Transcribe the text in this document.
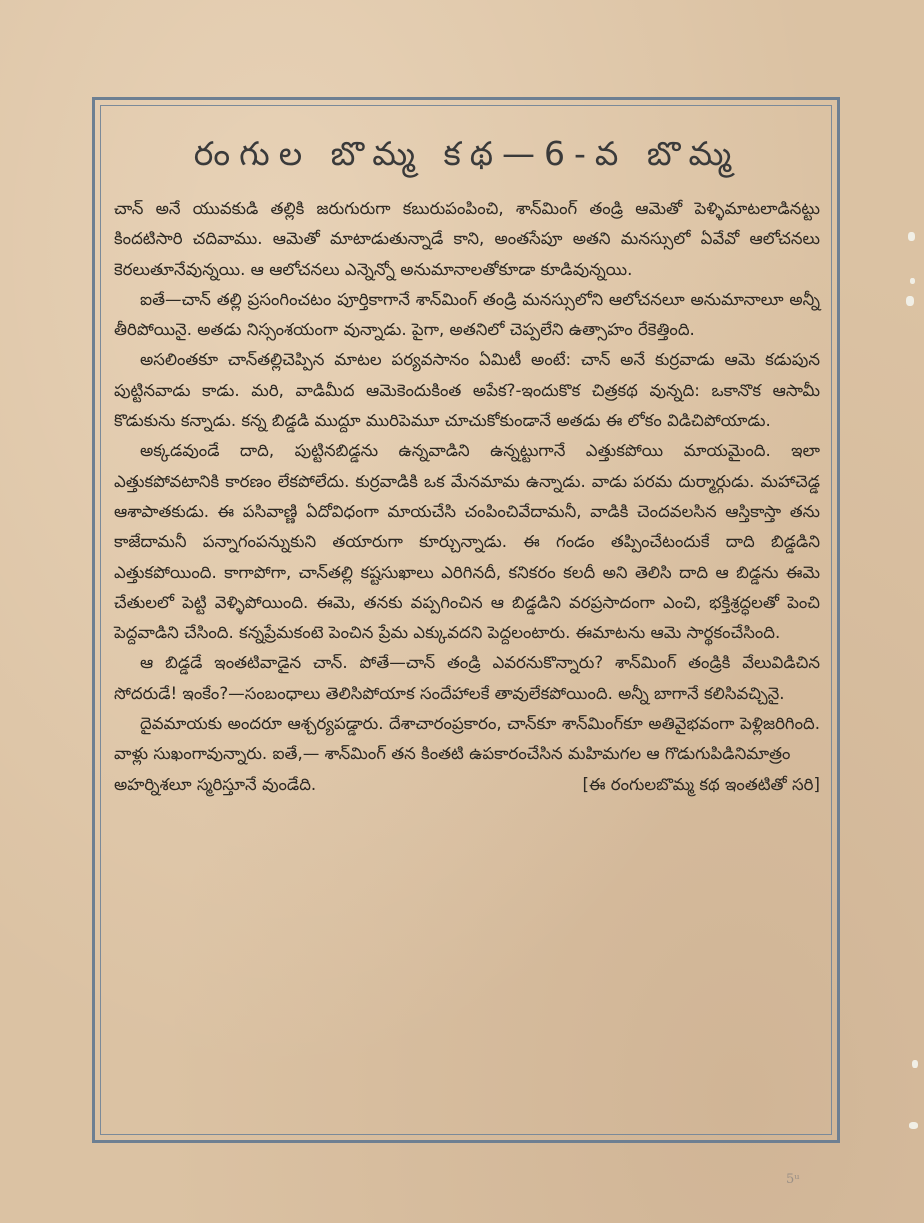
రంగుల బొమ్మ కథ—6-వ బొమ్మ

చాన్ అనే యువకుడి తల్లికి జరుగురుగా కబురుపంపించి, శాన్‌మింగ్ తండ్రి ఆమెతో పెళ్ళిమాటలాడినట్టు కిందటిసారి చదివాము. ఆమెతో మాటాడుతున్నాడే కాని, అంతసేపూ అతని మనస్సులో ఏవేవో ఆలోచనలు కెరలుతూనేవున్నయి. ఆ ఆలోచనలు ఎన్నెన్నో అనుమానాలతోకూడా కూడివున్నయి.

ఐతే—చాన్ తల్లి ప్రసంగించటం పూర్తికాగానే శాన్‌మింగ్ తండ్రి మనస్సులోని ఆలోచనలూ అనుమానాలూ అన్నీ తీరిపోయినై. అతడు నిస్సంశయంగా వున్నాడు. పైగా, అతనిలో చెప్పలేని ఉత్సాహం రేకెత్తింది.

అసలింతకూ చాన్‌తల్లిచెప్పిన మాటల పర్యవసానం ఏమిటీ అంటే: చాన్ అనే కుర్రవాడు ఆమె కడుపున పుట్టినవాడు కాడు. మరి, వాడిమీద ఆమెకెందుకింత అపేక?-ఇందుకొక చిత్రకథ వున్నది: ఒకానొక ఆసామీ కొడుకును కన్నాడు. కన్న బిడ్డడి ముద్దూ మురిపెమూ చూచుకోకుండానే అతడు ఈ లోకం విడిచిపోయాడు.

అక్కడవుండే దాది, పుట్టినబిడ్డను ఉన్నవాడిని ఉన్నట్టుగానే ఎత్తుకపోయి మాయమైంది. ఇలా ఎత్తుకపోవటానికి కారణం లేకపోలేదు. కుర్రవాడికి ఒక మేనమామ ఉన్నాడు. వాడు పరమ దుర్మార్గుడు. మహాచెడ్డ ఆశాపాతకుడు. ఈ పసివాణ్ణి ఏదోవిధంగా మాయచేసి చంపించివేదామనీ, వాడికి చెందవలసిన ఆస్తికాస్తా తను కాజేదామనీ పన్నాగంపన్నుకుని తయారుగా కూర్చున్నాడు. ఈ గండం తప్పించేటందుకే దాది బిడ్డడిని ఎత్తుకపోయింది. కాగాపోగా, చాన్‌తల్లి కష్టసుఖాలు ఎరిగినదీ, కనికరం కలదీ అని తెలిసి దాది ఆ బిడ్డను ఈమె చేతులలో పెట్టి వెళ్ళిపోయింది. ఈమె, తనకు వప్పగించిన ఆ బిడ్డడిని వరప్రసాదంగా ఎంచి, భక్తిశ్రద్ధలతో పెంచి పెద్దవాడిని చేసింది. కన్నప్రేమకంటె పెంచిన ప్రేమ ఎక్కువదని పెద్దలంటారు. ఈమాటను ఆమె సార్థకంచేసింది.

ఆ బిడ్డడే ఇంతటివాడైన చాన్. పోతే—చాన్ తండ్రి ఎవరనుకొన్నారు? శాన్‌మింగ్ తండ్రికి వేలువిడిచిన సోదరుడే! ఇంకేం?—సంబంధాలు తెలిసిపోయాక సందేహాలకే తావులేకపోయింది. అన్నీ బాగానే కలిసివచ్చినై.

దైవమాయకు అందరూ ఆశ్చర్యపడ్డారు. దేశాచారంప్రకారం, చాన్‌కూ శాన్‌మింగ్‌కూ అతివైభవంగా పెళ్లిజరిగింది. వాళ్లు సుఖంగావున్నారు. ఐతే,— శాన్‌మింగ్ తన కింతటి ఉపకారంచేసిన మహిమగల ఆ గొడుగుపిడినిమాత్రం

అహర్నిశలూ స్మరిస్తూనే వుండేది.	[ఈ రంగులబొమ్మ కథ ఇంతటితో సరి]
5ᵘ
